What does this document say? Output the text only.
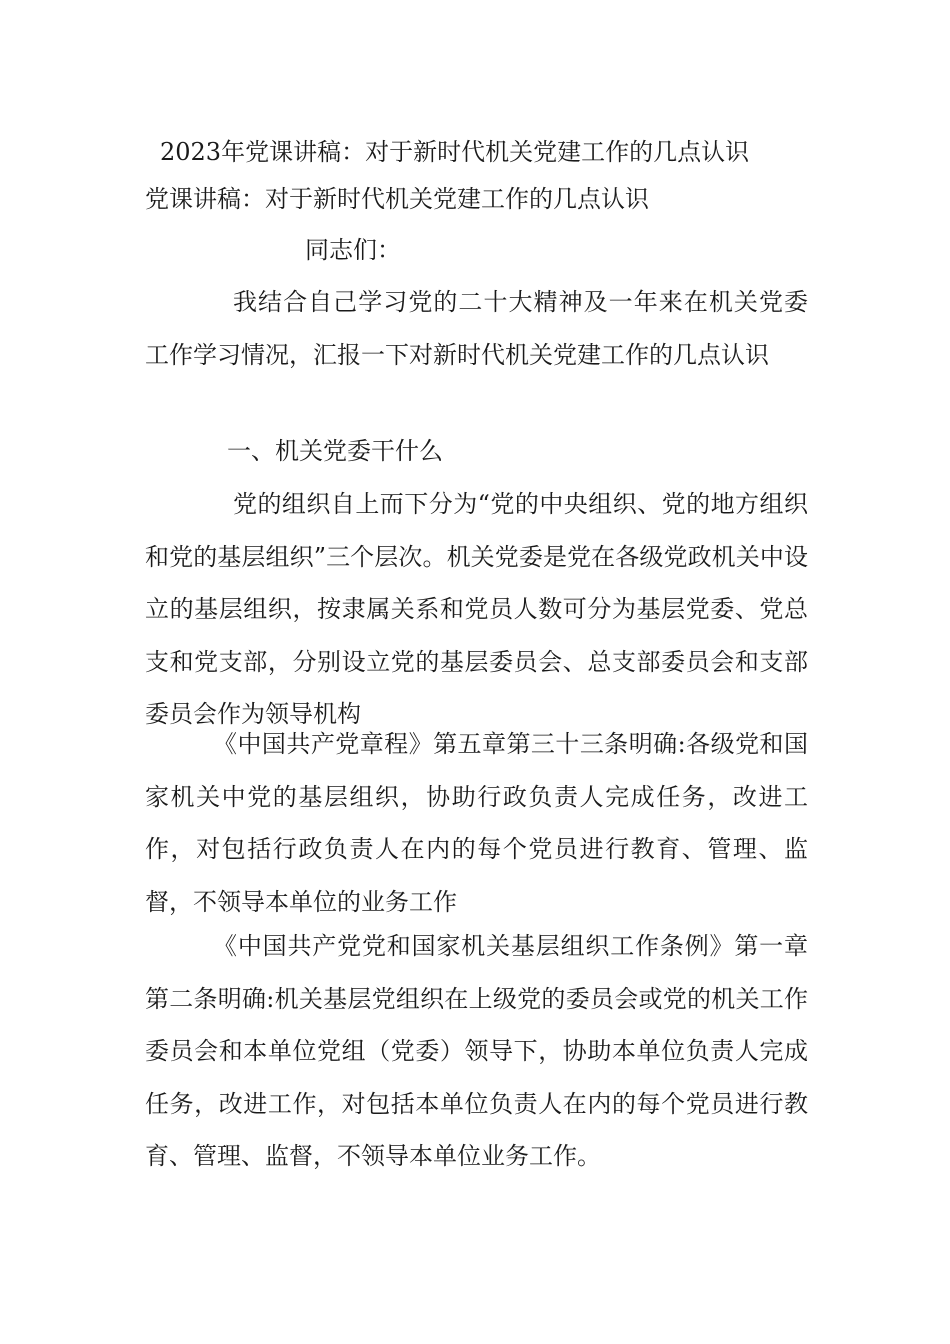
2023年党课讲稿：对于新时代机关党建工作的几点认识
党课讲稿：对于新时代机关党建工作的几点认识

同志们：

我结合自己学习党的二十大精神及一年来在机关党委工作学习情况，汇报一下对新时代机关党建工作的几点认识

一、机关党委干什么

党的组织自上而下分为“党的中央组织、党的地方组织和党的基层组织”三个层次。机关党委是党在各级党政机关中设立的基层组织，按隶属关系和党员人数可分为基层党委、党总支和党支部，分别设立党的基层委员会、总支部委员会和支部委员会作为领导机构

《中国共产党章程》第五章第三十三条明确:各级党和国家机关中党的基层组织，协助行政负责人完成任务，改进工作，对包括行政负责人在内的每个党员进行教育、管理、监督，不领导本单位的业务工作

《中国共产党党和国家机关基层组织工作条例》第一章第二条明确:机关基层党组织在上级党的委员会或党的机关工作委员会和本单位党组（党委）领导下，协助本单位负责人完成任务，改进工作，对包括本单位负责人在内的每个党员进行教育、管理、监督，不领导本单位业务工作。
